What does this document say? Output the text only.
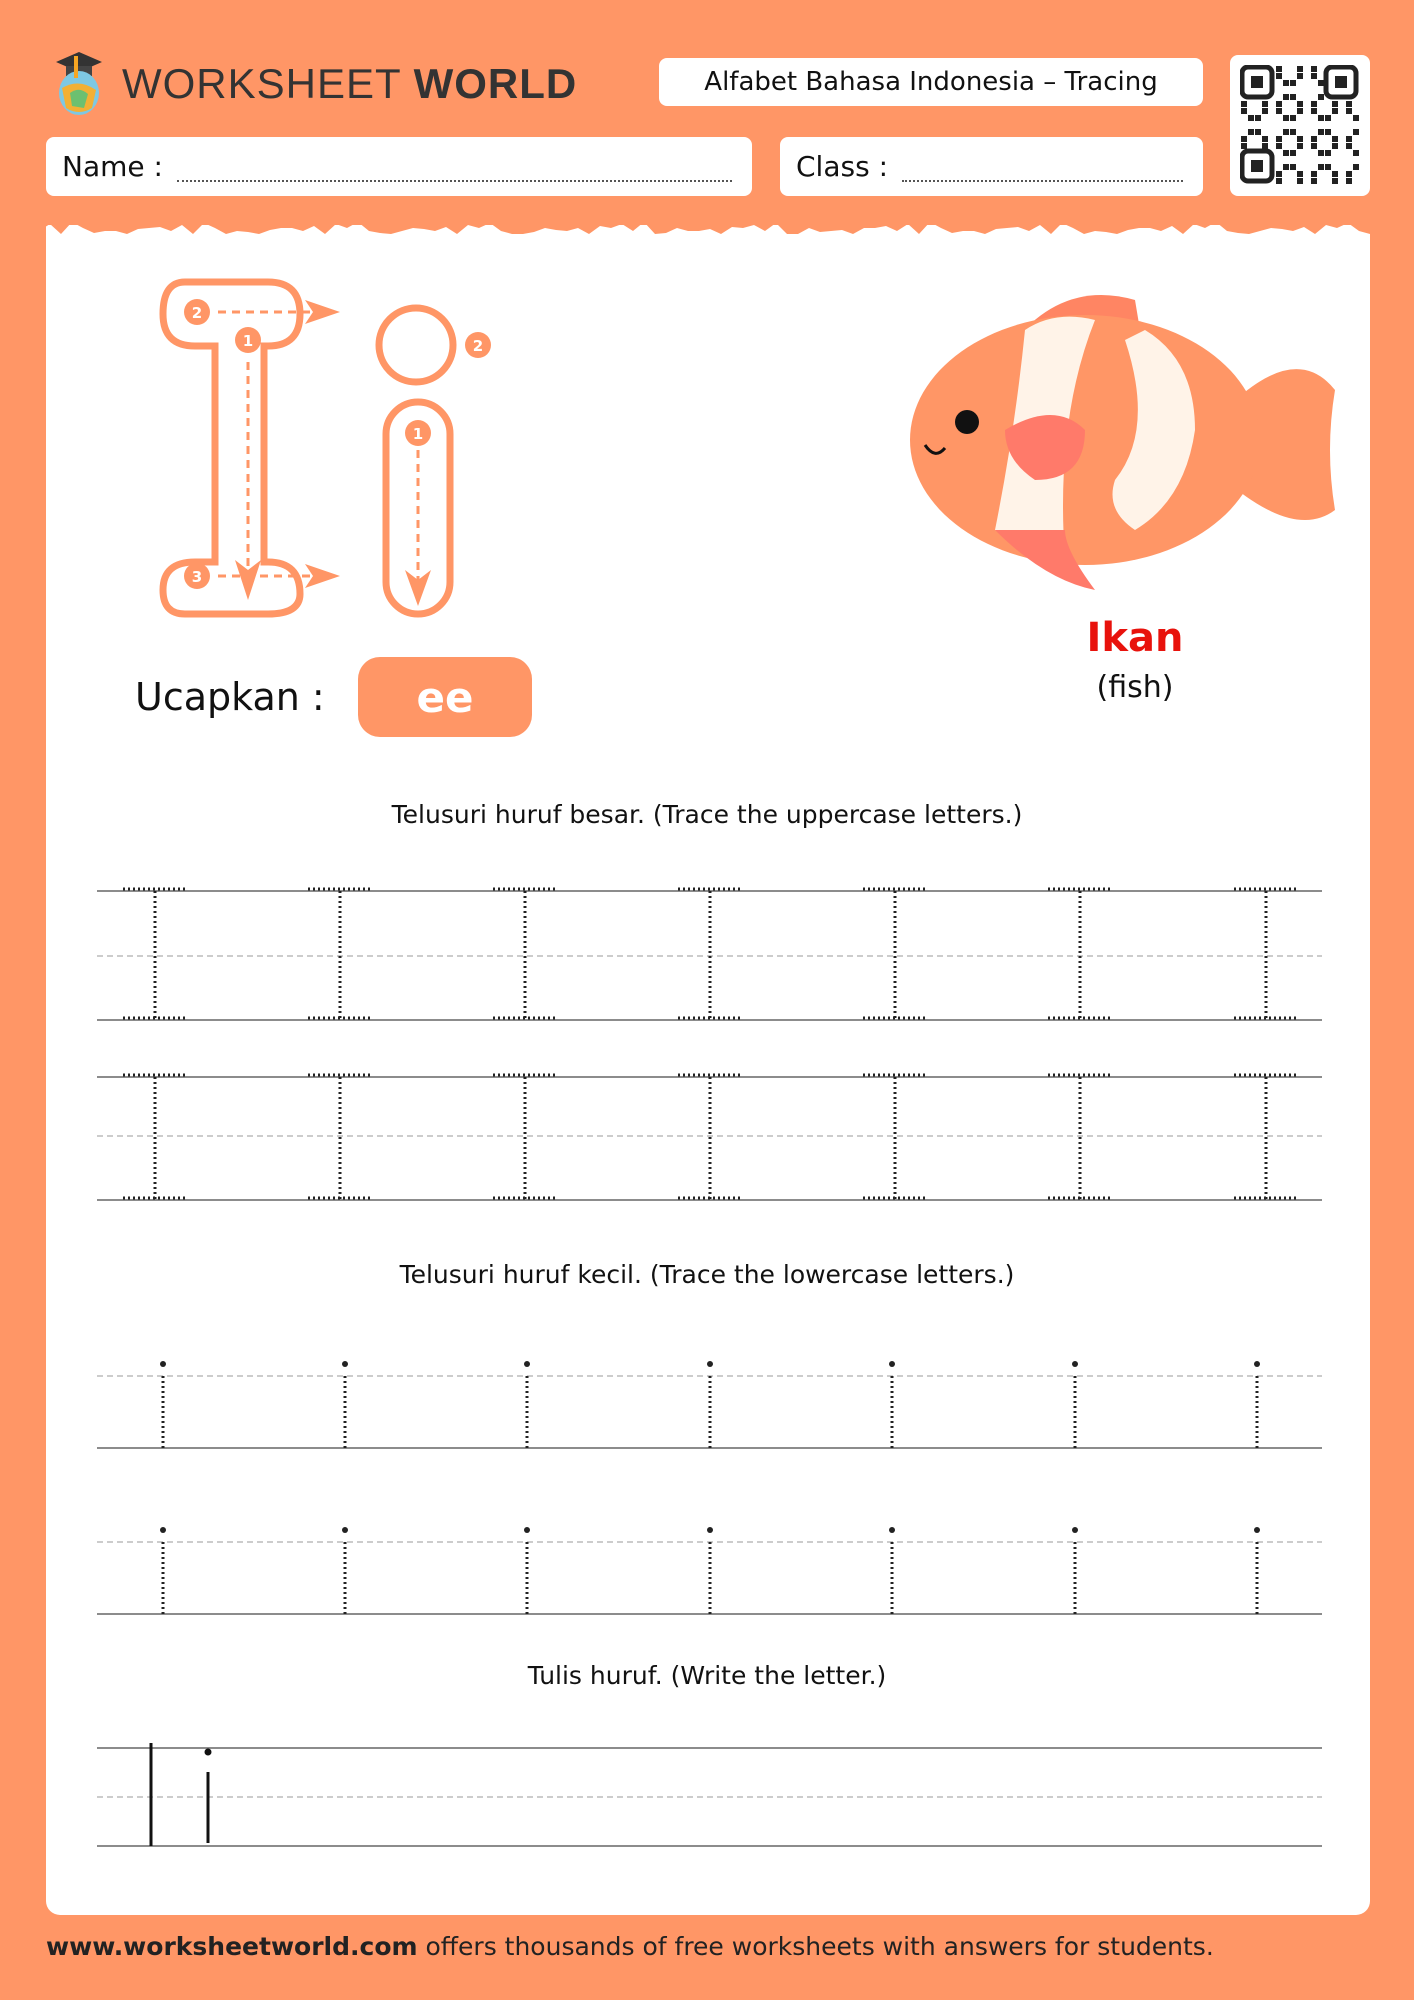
WORKSHEET WORLD	Alfabet Bahasa Indonesia – Tracing
Name :	Class :
1
2
3
1
2
Ucapkan :	ee
Ikan
(fish)
Telusuri huruf besar. (Trace the uppercase letters.)
Telusuri huruf kecil. (Trace the lowercase letters.)
Tulis huruf. (Write the letter.)
www.worksheetworld.com offers thousands of free worksheets with answers for students.
